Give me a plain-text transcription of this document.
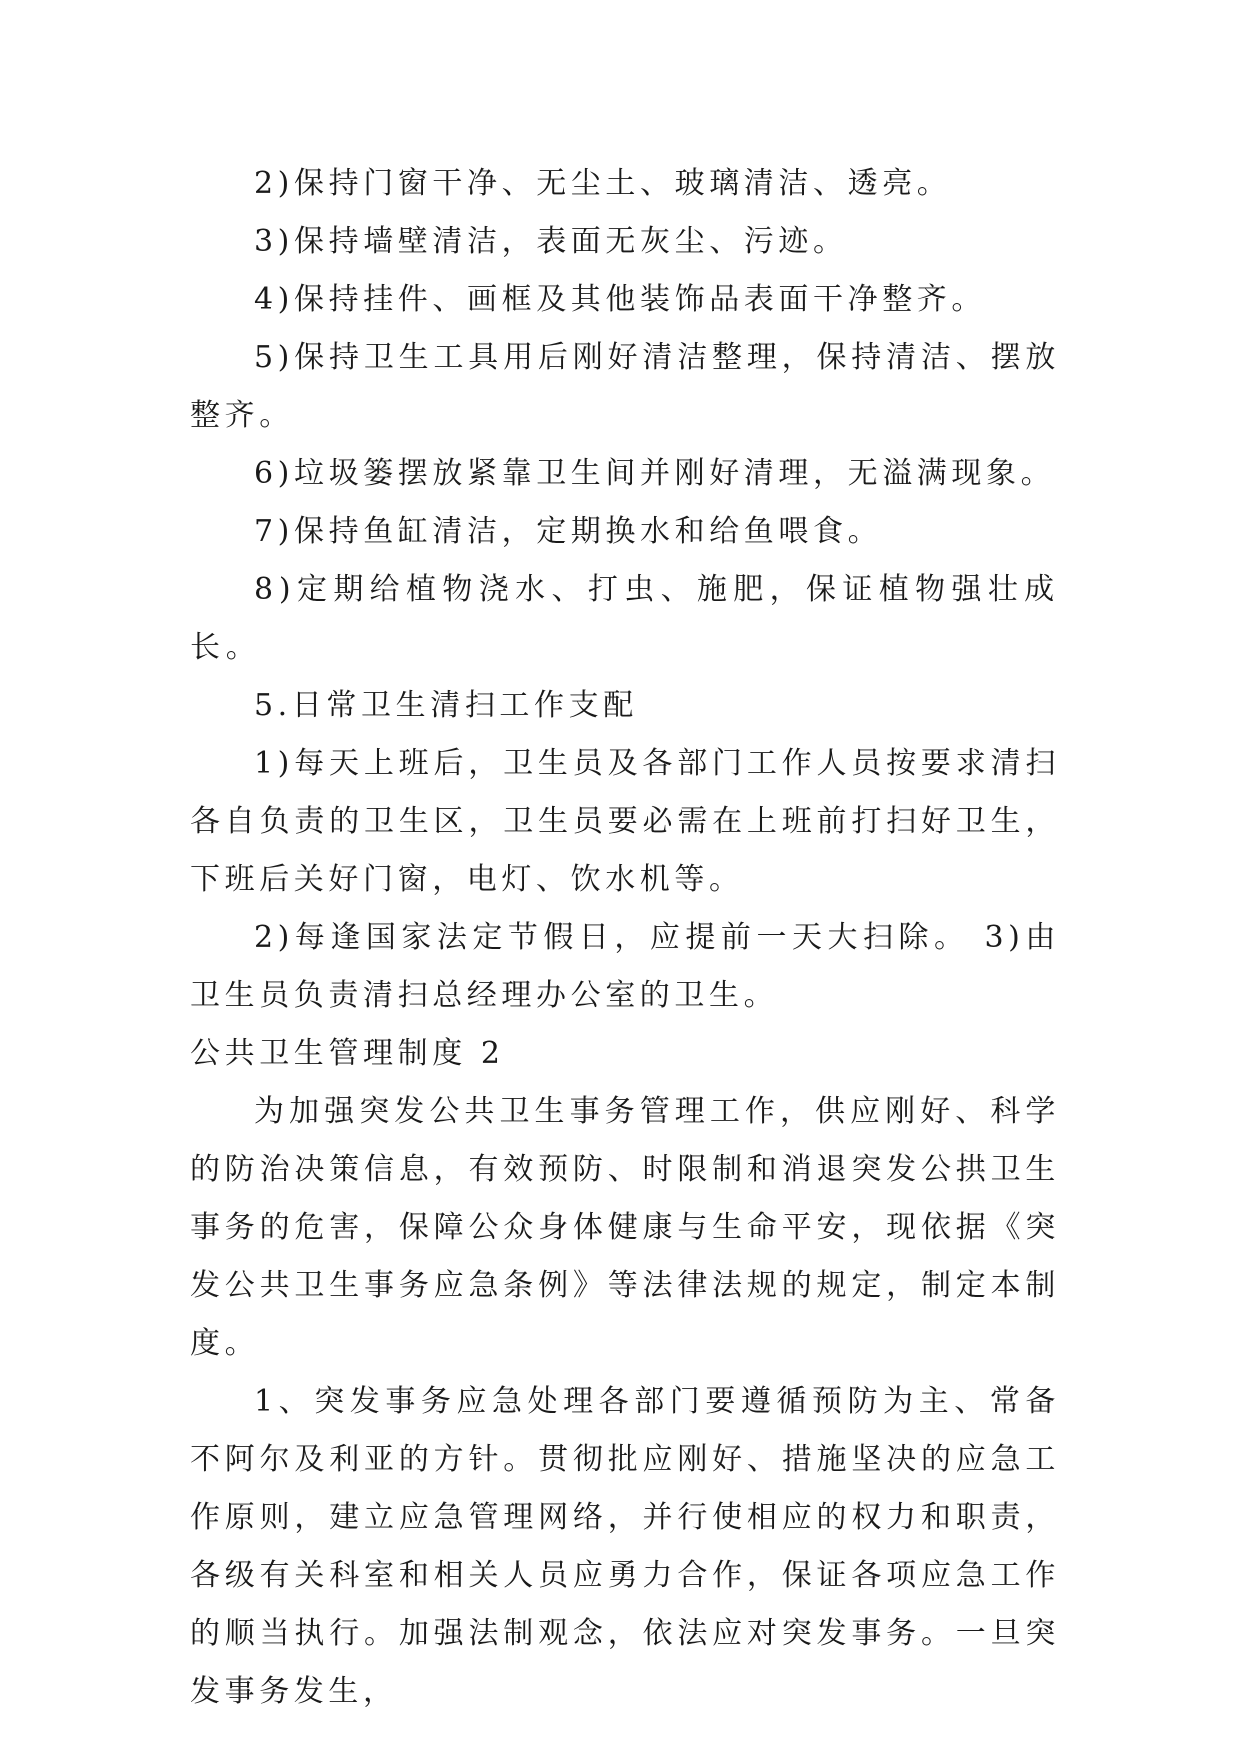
2)保持门窗干净、无尘土、玻璃清洁、透亮。

3)保持墙壁清洁，表面无灰尘、污迹。

4)保持挂件、画框及其他装饰品表面干净整齐。

5)保持卫生工具用后刚好清洁整理，保持清洁、摆放整齐。

6)垃圾篓摆放紧靠卫生间并刚好清理，无溢满现象。

7)保持鱼缸清洁，定期换水和给鱼喂食。

8)定期给植物浇水、打虫、施肥，保证植物强壮成长。

5.日常卫生清扫工作支配

1)每天上班后，卫生员及各部门工作人员按要求清扫各自负责的卫生区，卫生员要必需在上班前打扫好卫生，下班后关好门窗，电灯、饮水机等。

2)每逢国家法定节假日，应提前一天大扫除。 3)由卫生员负责清扫总经理办公室的卫生。

公共卫生管理制度 2

为加强突发公共卫生事务管理工作，供应刚好、科学的防治决策信息，有效预防、时限制和消退突发公拱卫生事务的危害，保障公众身体健康与生命平安，现依据《突发公共卫生事务应急条例》等法律法规的规定，制定本制度。

1、突发事务应急处理各部门要遵循预防为主、常备不阿尔及利亚的方针。贯彻批应刚好、措施坚决的应急工作原则，建立应急管理网络，并行使相应的权力和职责，各级有关科室和相关人员应勇力合作，保证各项应急工作的顺当执行。加强法制观念，依法应对突发事务。一旦突发事务发生，
